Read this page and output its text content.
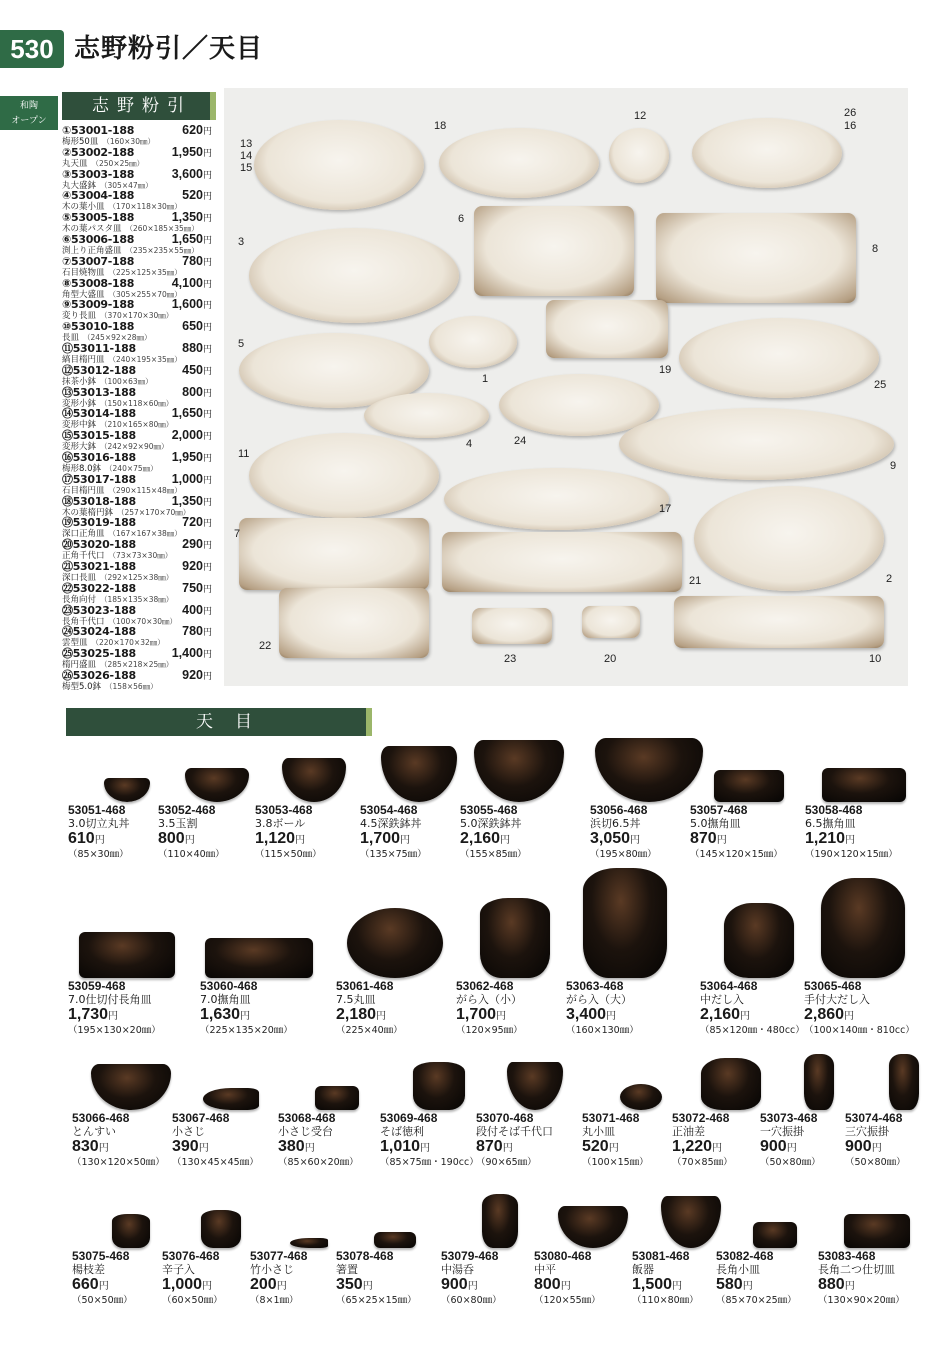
530 志野粉引／天目
和陶
オープン
志野粉引
①53001-188	620円
梅形50皿 （160×30㎜）
②53002-188	1,950円
丸天皿 （250×25㎜）
③53003-188	3,600円
丸大盛鉢 （305×47㎜）
④53004-188	520円
木の葉小皿 （170×118×30㎜）
⑤53005-188	1,350円
木の葉パスタ皿 （260×185×35㎜）
⑥53006-188	1,650円
渕上り正角盛皿 （235×235×55㎜）
⑦53007-188	780円
石目焼物皿 （225×125×35㎜）
⑧53008-188	4,100円
角型大盛皿 （305×255×70㎜）
⑨53009-188	1,600円
変り長皿 （370×170×30㎜）
⑩53010-188	650円
長皿 （245×92×28㎜）
⑪53011-188	880円
縞目楕円皿 （240×195×35㎜）
⑫53012-188	450円
抹茶小鉢 （100×63㎜）
⑬53013-188	800円
変形小鉢 （150×118×60㎜）
⑭53014-188	1,650円
変形中鉢 （210×165×80㎜）
⑮53015-188	2,000円
変形大鉢 （242×92×90㎜）
⑯53016-188	1,950円
梅形8.0鉢 （240×75㎜）
⑰53017-188	1,000円
石目楕円皿 （290×115×48㎜）
⑱53018-188	1,350円
木の葉楕円鉢 （257×170×70㎜）
⑲53019-188	720円
深口正角皿 （167×167×38㎜）
⑳53020-188	290円
正角千代口 （73×73×30㎜）
㉑53021-188	920円
深口長皿 （292×125×38㎜）
㉒53022-188	750円
長角向付 （185×135×38㎜）
㉓53023-188	400円
長角千代口 （100×70×30㎜）
㉔53024-188	780円
雲型皿 （220×170×32㎜）
㉕53025-188	1,400円
楕円盛皿 （285×218×25㎜）
㉖53026-188	920円
梅型5.0鉢 （158×56㎜）
1
2
3
4
5
6
7
8
9
10
11
12
13
14
15
16
17
18
19
20
21
22
23
24
25
26
天目
53051-468
3.0切立丸丼
610円
（85×30㎜）
53052-468
3.5玉割
800円
（110×40㎜）
53053-468
3.8ボール
1,120円
（115×50㎜）
53054-468
4.5深鉄鉢丼
1,700円
（135×75㎜）
53055-468
5.0深鉄鉢丼
2,160円
（155×85㎜）
53056-468
浜切6.5丼
3,050円
（195×80㎜）
53057-468
5.0撫角皿
870円
（145×120×15㎜）
53058-468
6.5撫角皿
1,210円
（190×120×15㎜）
53059-468
7.0仕切付長角皿
1,730円
（195×130×20㎜）
53060-468
7.0撫角皿
1,630円
（225×135×20㎜）
53061-468
7.5丸皿
2,180円
（225×40㎜）
53062-468
がら入（小）
1,700円
（120×95㎜）
53063-468
がら入（大）
3,400円
（160×130㎜）
53064-468
中だし入
2,160円
（85×120㎜・480cc）
53065-468
手付大だし入
2,860円
（100×140㎜・810cc）
53066-468
とんすい
830円
（130×120×50㎜）
53067-468
小さじ
390円
（130×45×45㎜）
53068-468
小さじ受台
380円
（85×60×20㎜）
53069-468
そば徳利
1,010円
（85×75㎜・190cc）
53070-468
段付そば千代口
870円
（90×65㎜）
53071-468
丸小皿
520円
（100×15㎜）
53072-468
正油差
1,220円
（70×85㎜）
53073-468
一穴振掛
900円
（50×80㎜）
53074-468
三穴振掛
900円
（50×80㎜）
53075-468
楊枝差
660円
（50×50㎜）
53076-468
辛子入
1,000円
（60×50㎜）
53077-468
竹小さじ
200円
（8×1㎜）
53078-468
箸置
350円
（65×25×15㎜）
53079-468
中湯呑
900円
（60×80㎜）
53080-468
中平
800円
（120×55㎜）
53081-468
飯器
1,500円
（110×80㎜）
53082-468
長角小皿
580円
（85×70×25㎜）
53083-468
長角二つ仕切皿
880円
（130×90×20㎜）
